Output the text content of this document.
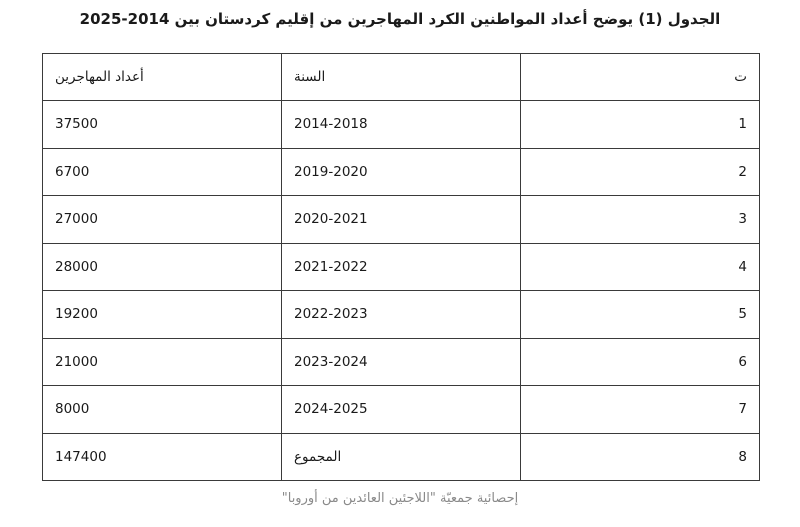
الجدول (1) يوضح أعداد المواطنين الكرد المهاجرين من إقليم كردستان بين 2014-2025
ت	السنة	أعداد المهاجرين
1	2014-2018	37500
2	2019-2020	6700
3	2020-2021	27000
4	2021-2022	28000
5	2022-2023	19200
6	2023-2024	21000
7	2024-2025	8000
8	المجموع	147400
إحصائية جمعيّة "اللاجئين العائدين من أوروبا"
